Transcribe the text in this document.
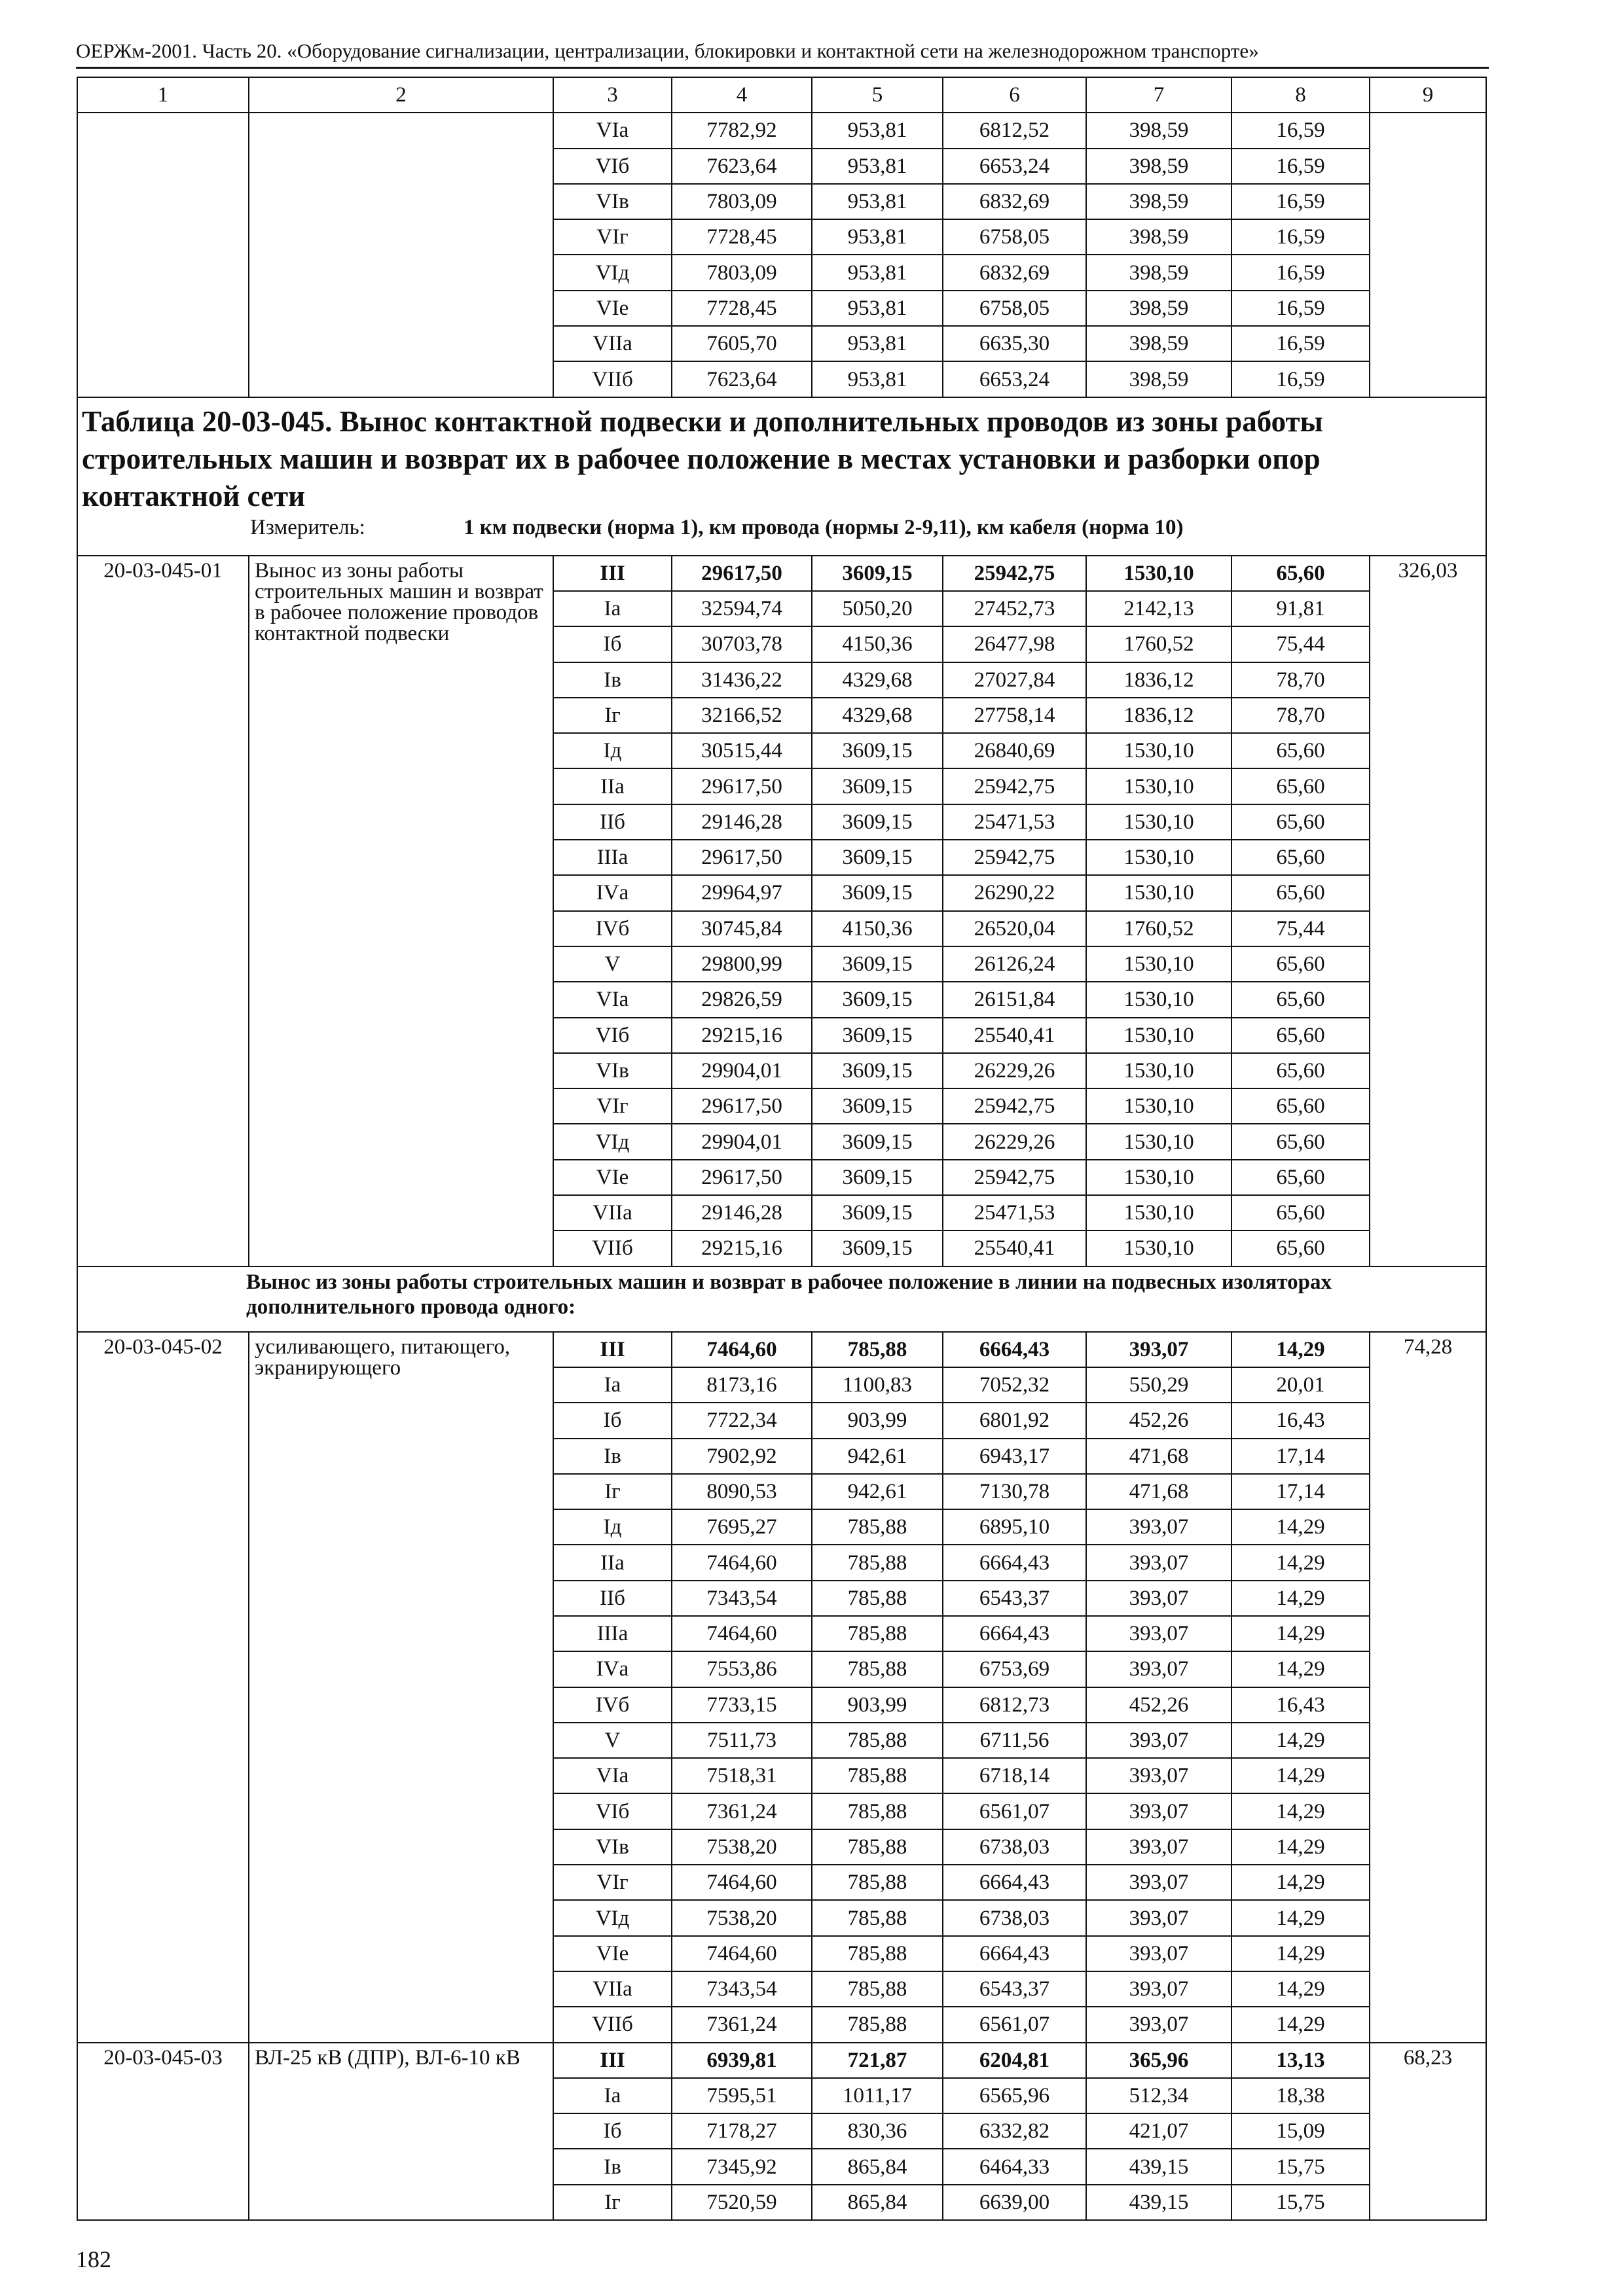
ОЕРЖм-2001. Часть 20. «Оборудование сигнализации, централизации, блокировки и контактной сети на железнодорожном транспорте»
1	2	3	4	5	6	7	8	9
		VIа	7782,92	953,81	6812,52	398,59	16,59	
		VIб	7623,64	953,81	6653,24	398,59	16,59	
		VIв	7803,09	953,81	6832,69	398,59	16,59	
		VIг	7728,45	953,81	6758,05	398,59	16,59	
		VIд	7803,09	953,81	6832,69	398,59	16,59	
		VIе	7728,45	953,81	6758,05	398,59	16,59	
		VIIа	7605,70	953,81	6635,30	398,59	16,59	
		VIIб	7623,64	953,81	6653,24	398,59	16,59	

Таблица 20-03-045. Вынос контактной подвески и дополнительных проводов из зоны работы строительных машин и возврат их в рабочее положение в местах установки и разборки опор контактной сети
Измеритель: 1 км подвески (норма 1), км провода (нормы 2-9,11), км кабеля (норма 10)								

20-03-045-01	Вынос из зоны работы строительных машин и возврат в рабочее положение проводов контактной подвески	III	29617,50	3609,15	25942,75	1530,10	65,60	326,03
		Iа	32594,74	5050,20	27452,73	2142,13	91,81	
		Iб	30703,78	4150,36	26477,98	1760,52	75,44	
		Iв	31436,22	4329,68	27027,84	1836,12	78,70	
		Iг	32166,52	4329,68	27758,14	1836,12	78,70	
		Iд	30515,44	3609,15	26840,69	1530,10	65,60	
		IIа	29617,50	3609,15	25942,75	1530,10	65,60	
		IIб	29146,28	3609,15	25471,53	1530,10	65,60	
		IIIа	29617,50	3609,15	25942,75	1530,10	65,60	
		IVа	29964,97	3609,15	26290,22	1530,10	65,60	
		IVб	30745,84	4150,36	26520,04	1760,52	75,44	
		V	29800,99	3609,15	26126,24	1530,10	65,60	
		VIа	29826,59	3609,15	26151,84	1530,10	65,60	
		VIб	29215,16	3609,15	25540,41	1530,10	65,60	
		VIв	29904,01	3609,15	26229,26	1530,10	65,60	
		VIг	29617,50	3609,15	25942,75	1530,10	65,60	
		VIд	29904,01	3609,15	26229,26	1530,10	65,60	
		VIе	29617,50	3609,15	25942,75	1530,10	65,60	
		VIIа	29146,28	3609,15	25471,53	1530,10	65,60	
		VIIб	29215,16	3609,15	25540,41	1530,10	65,60	
Вынос из зоны работы строительных машин и возврат в рабочее положение в линии на подвесных изоляторах дополнительного провода одного:								
20-03-045-02	усиливающего, питающего, экранирующего	III	7464,60	785,88	6664,43	393,07	14,29	74,28
		Iа	8173,16	1100,83	7052,32	550,29	20,01	
		Iб	7722,34	903,99	6801,92	452,26	16,43	
		Iв	7902,92	942,61	6943,17	471,68	17,14	
		Iг	8090,53	942,61	7130,78	471,68	17,14	
		Iд	7695,27	785,88	6895,10	393,07	14,29	
		IIа	7464,60	785,88	6664,43	393,07	14,29	
		IIб	7343,54	785,88	6543,37	393,07	14,29	
		IIIа	7464,60	785,88	6664,43	393,07	14,29	
		IVа	7553,86	785,88	6753,69	393,07	14,29	
		IVб	7733,15	903,99	6812,73	452,26	16,43	
		V	7511,73	785,88	6711,56	393,07	14,29	
		VIа	7518,31	785,88	6718,14	393,07	14,29	
		VIб	7361,24	785,88	6561,07	393,07	14,29	
		VIв	7538,20	785,88	6738,03	393,07	14,29	
		VIг	7464,60	785,88	6664,43	393,07	14,29	
		VIд	7538,20	785,88	6738,03	393,07	14,29	
		VIе	7464,60	785,88	6664,43	393,07	14,29	
		VIIа	7343,54	785,88	6543,37	393,07	14,29	
		VIIб	7361,24	785,88	6561,07	393,07	14,29	
20-03-045-03	ВЛ-25 кВ (ДПР), ВЛ-6-10 кВ	III	6939,81	721,87	6204,81	365,96	13,13	68,23
		Iа	7595,51	1011,17	6565,96	512,34	18,38	
		Iб	7178,27	830,36	6332,82	421,07	15,09	
		Iв	7345,92	865,84	6464,33	439,15	15,75	
		Iг	7520,59	865,84	6639,00	439,15	15,75	
182
